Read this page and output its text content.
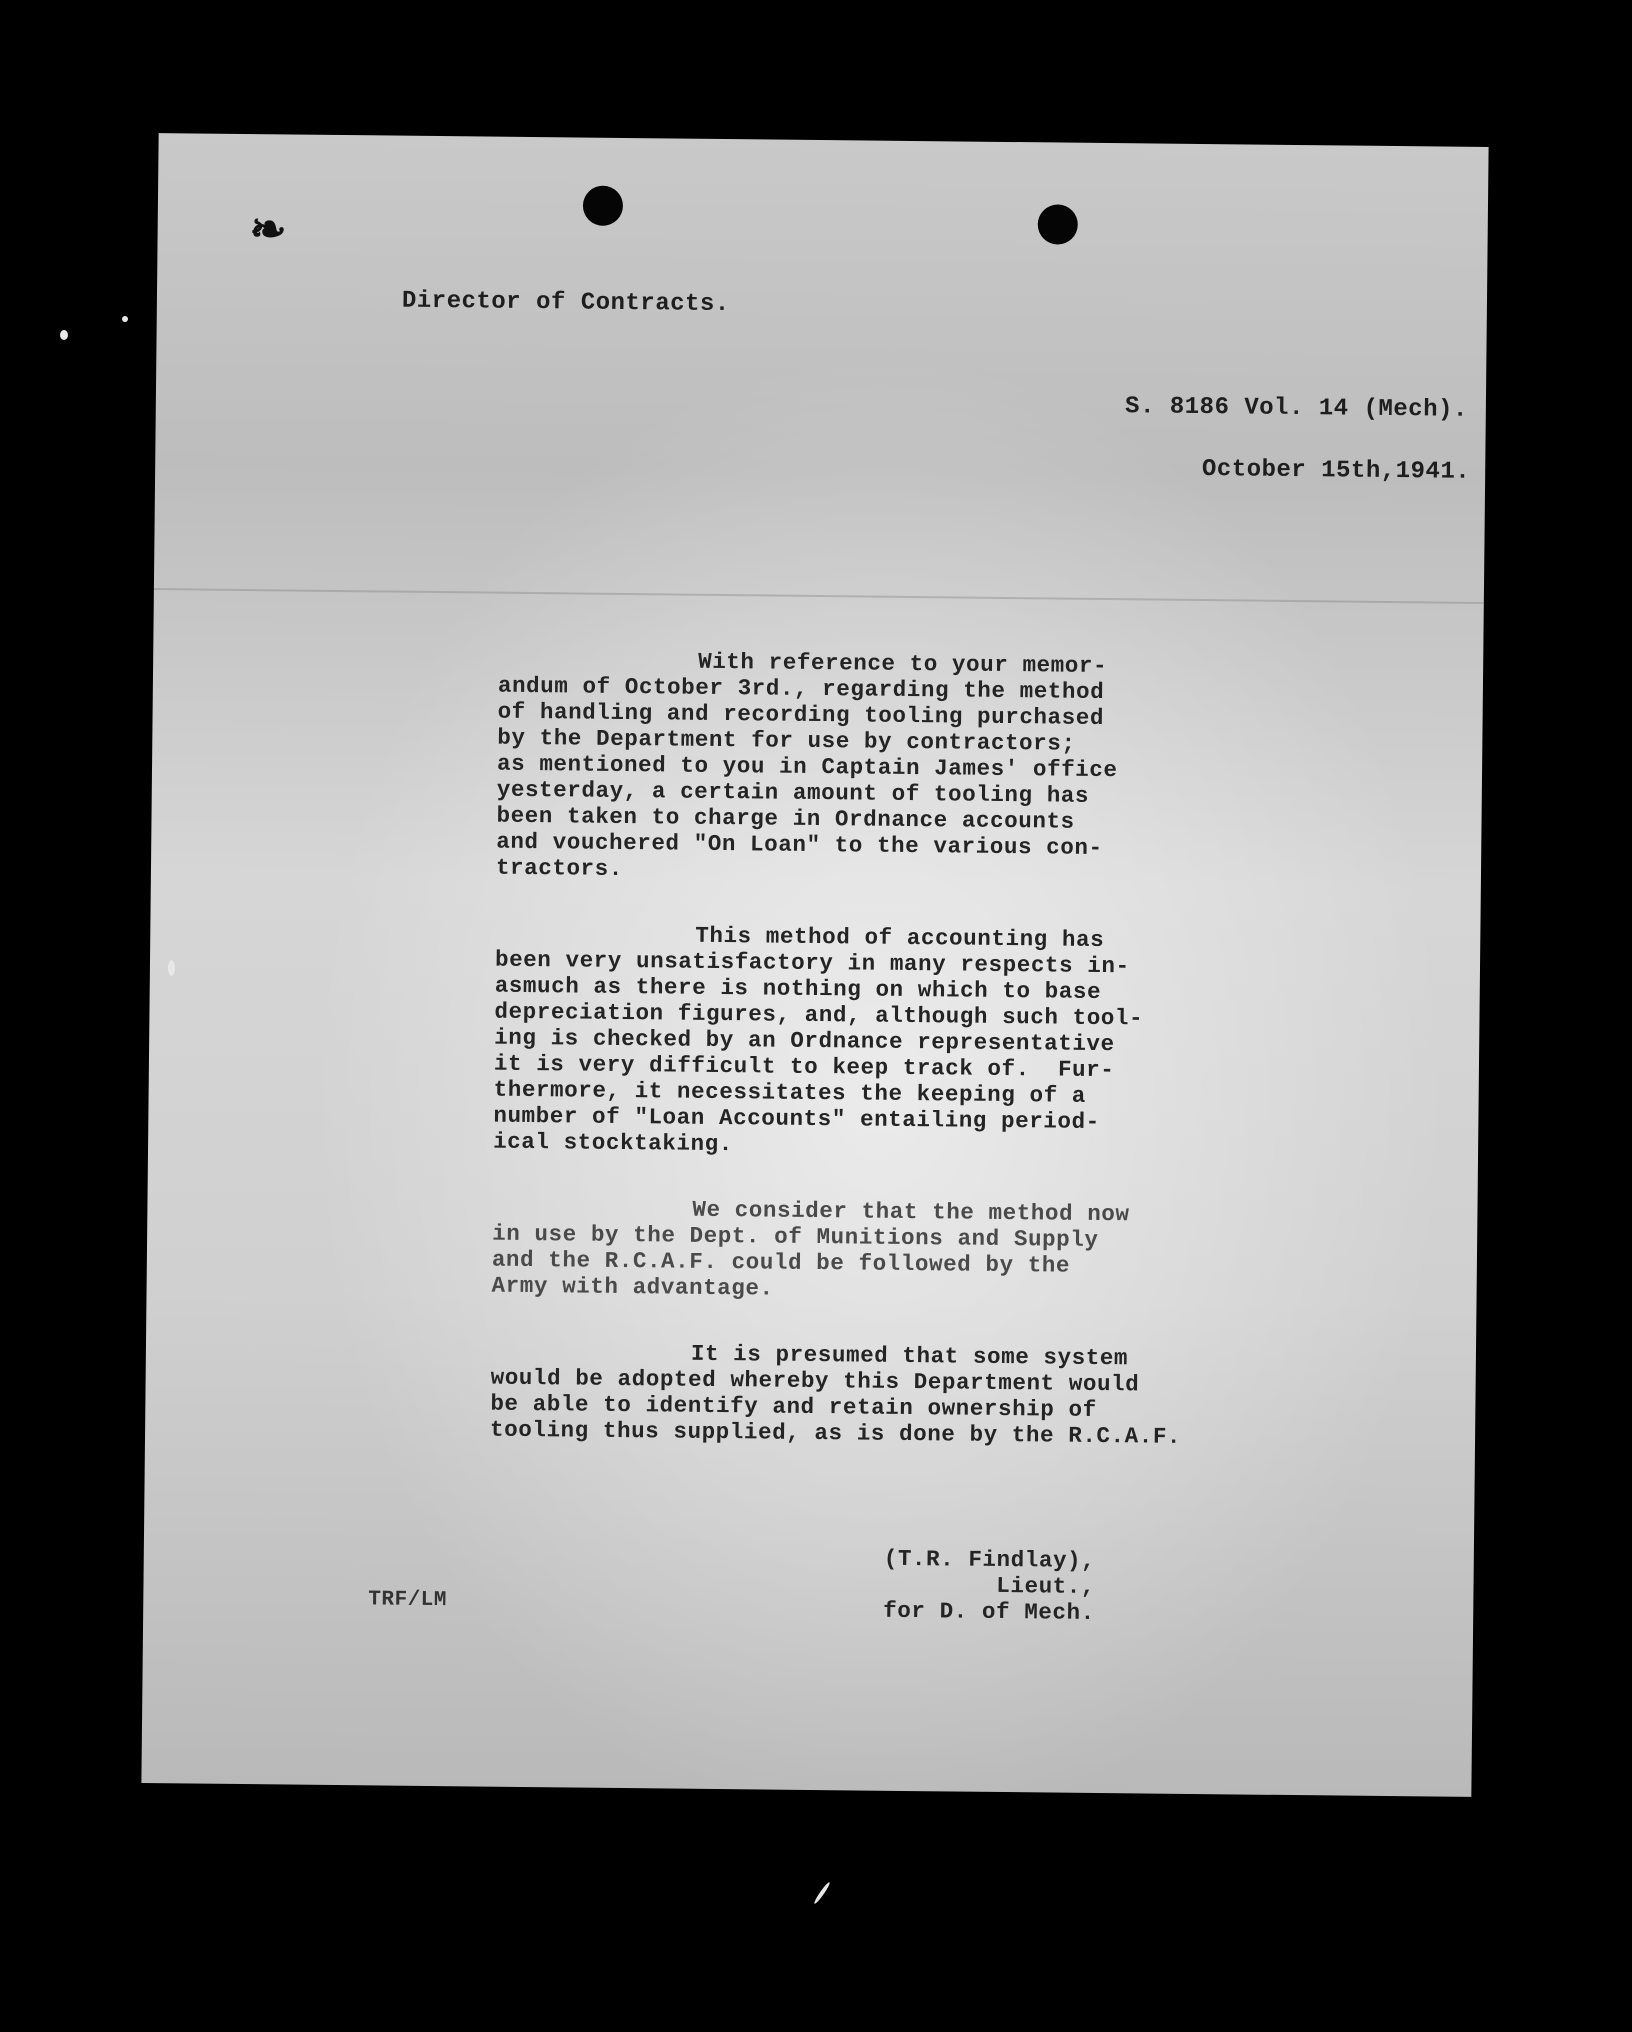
❧
Director of Contracts.
S. 8186 Vol. 14 (Mech).
October 15th,1941.
With reference to your memor-
andum of October 3rd., regarding the method
of handling and recording tooling purchased
by the Department for use by contractors;
as mentioned to you in Captain James' office
yesterday, a certain amount of tooling has
been taken to charge in Ordnance accounts
and vouchered "On Loan" to the various con-
tractors.
This method of accounting has
been very unsatisfactory in many respects in-
asmuch as there is nothing on which to base
depreciation figures, and, although such tool-
ing is checked by an Ordnance representative
it is very difficult to keep track of.  Fur-
thermore, it necessitates the keeping of a
number of "Loan Accounts" entailing period-
ical stocktaking.
We consider that the method now
in use by the Dept. of Munitions and Supply
and the R.C.A.F. could be followed by the
Army with advantage.
It is presumed that some system
would be adopted whereby this Department would
be able to identify and retain ownership of
tooling thus supplied, as is done by the R.C.A.F.
(T.R. Findlay),
Lieut.,
for D. of Mech.
TRF/LM
